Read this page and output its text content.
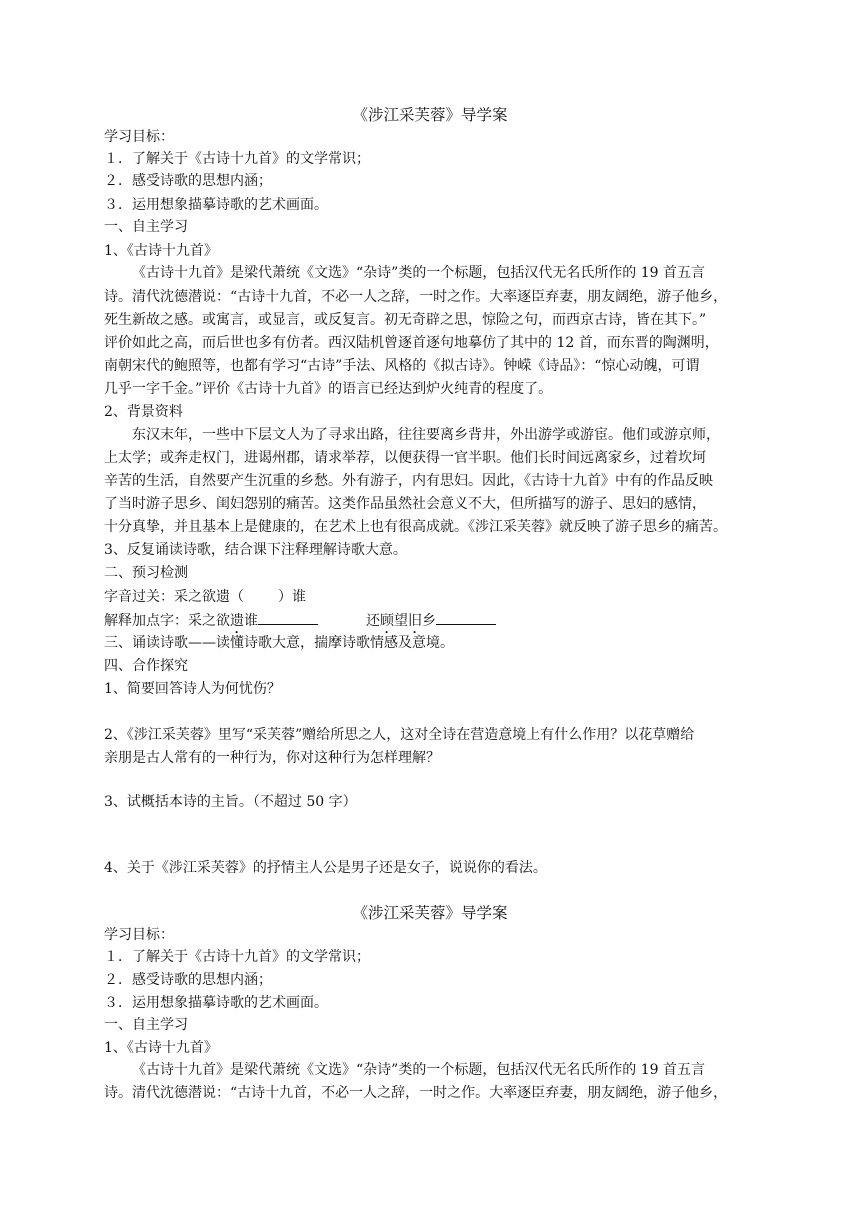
《涉江采芙蓉》导学案
学习目标：
１．了解关于《古诗十九首》的文学常识；
２．感受诗歌的思想内涵；
３．运用想象描摹诗歌的艺术画面。
一、自主学习
1、《古诗十九首》
《古诗十九首》是梁代萧统《文选》“杂诗”类的一个标题，包括汉代无名氏所作的 19 首五言
诗。清代沈德潜说：“古诗十九首，不必一人之辞，一时之作。大率逐臣弃妻，朋友阔绝，游子他乡，
死生新故之感。或寓言，或显言，或反复言。初无奇辟之思，惊险之句，而西京古诗，皆在其下。”
评价如此之高，而后世也多有仿者。西汉陆机曾逐首逐句地摹仿了其中的 12 首，而东晋的陶渊明，
南朝宋代的鲍照等，也都有学习“古诗”手法、风格的《拟古诗》。钟嵘《诗品》：“惊心动魄，可谓
几乎一字千金。”评价《古诗十九首》的语言已经达到炉火纯青的程度了。
2、背景资料
东汉末年，一些中下层文人为了寻求出路，往往要离乡背井，外出游学或游宦。他们或游京师，
上太学；或奔走权门，进谒州郡，请求举荐，以便获得一官半职。他们长时间远离家乡，过着坎坷
辛苦的生活，自然要产生沉重的乡愁。外有游子，内有思妇。因此，《古诗十九首》中有的作品反映
了当时游子思乡、闺妇怨别的痛苦。这类作品虽然社会意义不大，但所描写的游子、思妇的感情，
十分真挚，并且基本上是健康的，在艺术上也有很高成就。《涉江采芙蓉》就反映了游子思乡的痛苦。
3、反复诵读诗歌，结合课下注释理解诗歌大意。
二、预习检测
字音过关：采之欲遗（ ）谁
解释加点字：采之欲遗谁	还顾望旧乡
三、诵读诗歌——读懂诗歌大意，揣摩诗歌情感及意境。
四、合作探究
1、简要回答诗人为何忧伤？
2、《涉江采芙蓉》里写“采芙蓉”赠给所思之人，这对全诗在营造意境上有什么作用？以花草赠给
亲朋是古人常有的一种行为，你对这种行为怎样理解？
3、试概括本诗的主旨。（不超过 50 字）
4、关于《涉江采芙蓉》的抒情主人公是男子还是女子，说说你的看法。
《涉江采芙蓉》导学案
学习目标：
１．了解关于《古诗十九首》的文学常识；
２．感受诗歌的思想内涵；
３．运用想象描摹诗歌的艺术画面。
一、自主学习
1、《古诗十九首》
《古诗十九首》是梁代萧统《文选》“杂诗”类的一个标题，包括汉代无名氏所作的 19 首五言
诗。清代沈德潜说：“古诗十九首，不必一人之辞，一时之作。大率逐臣弃妻，朋友阔绝，游子他乡，
